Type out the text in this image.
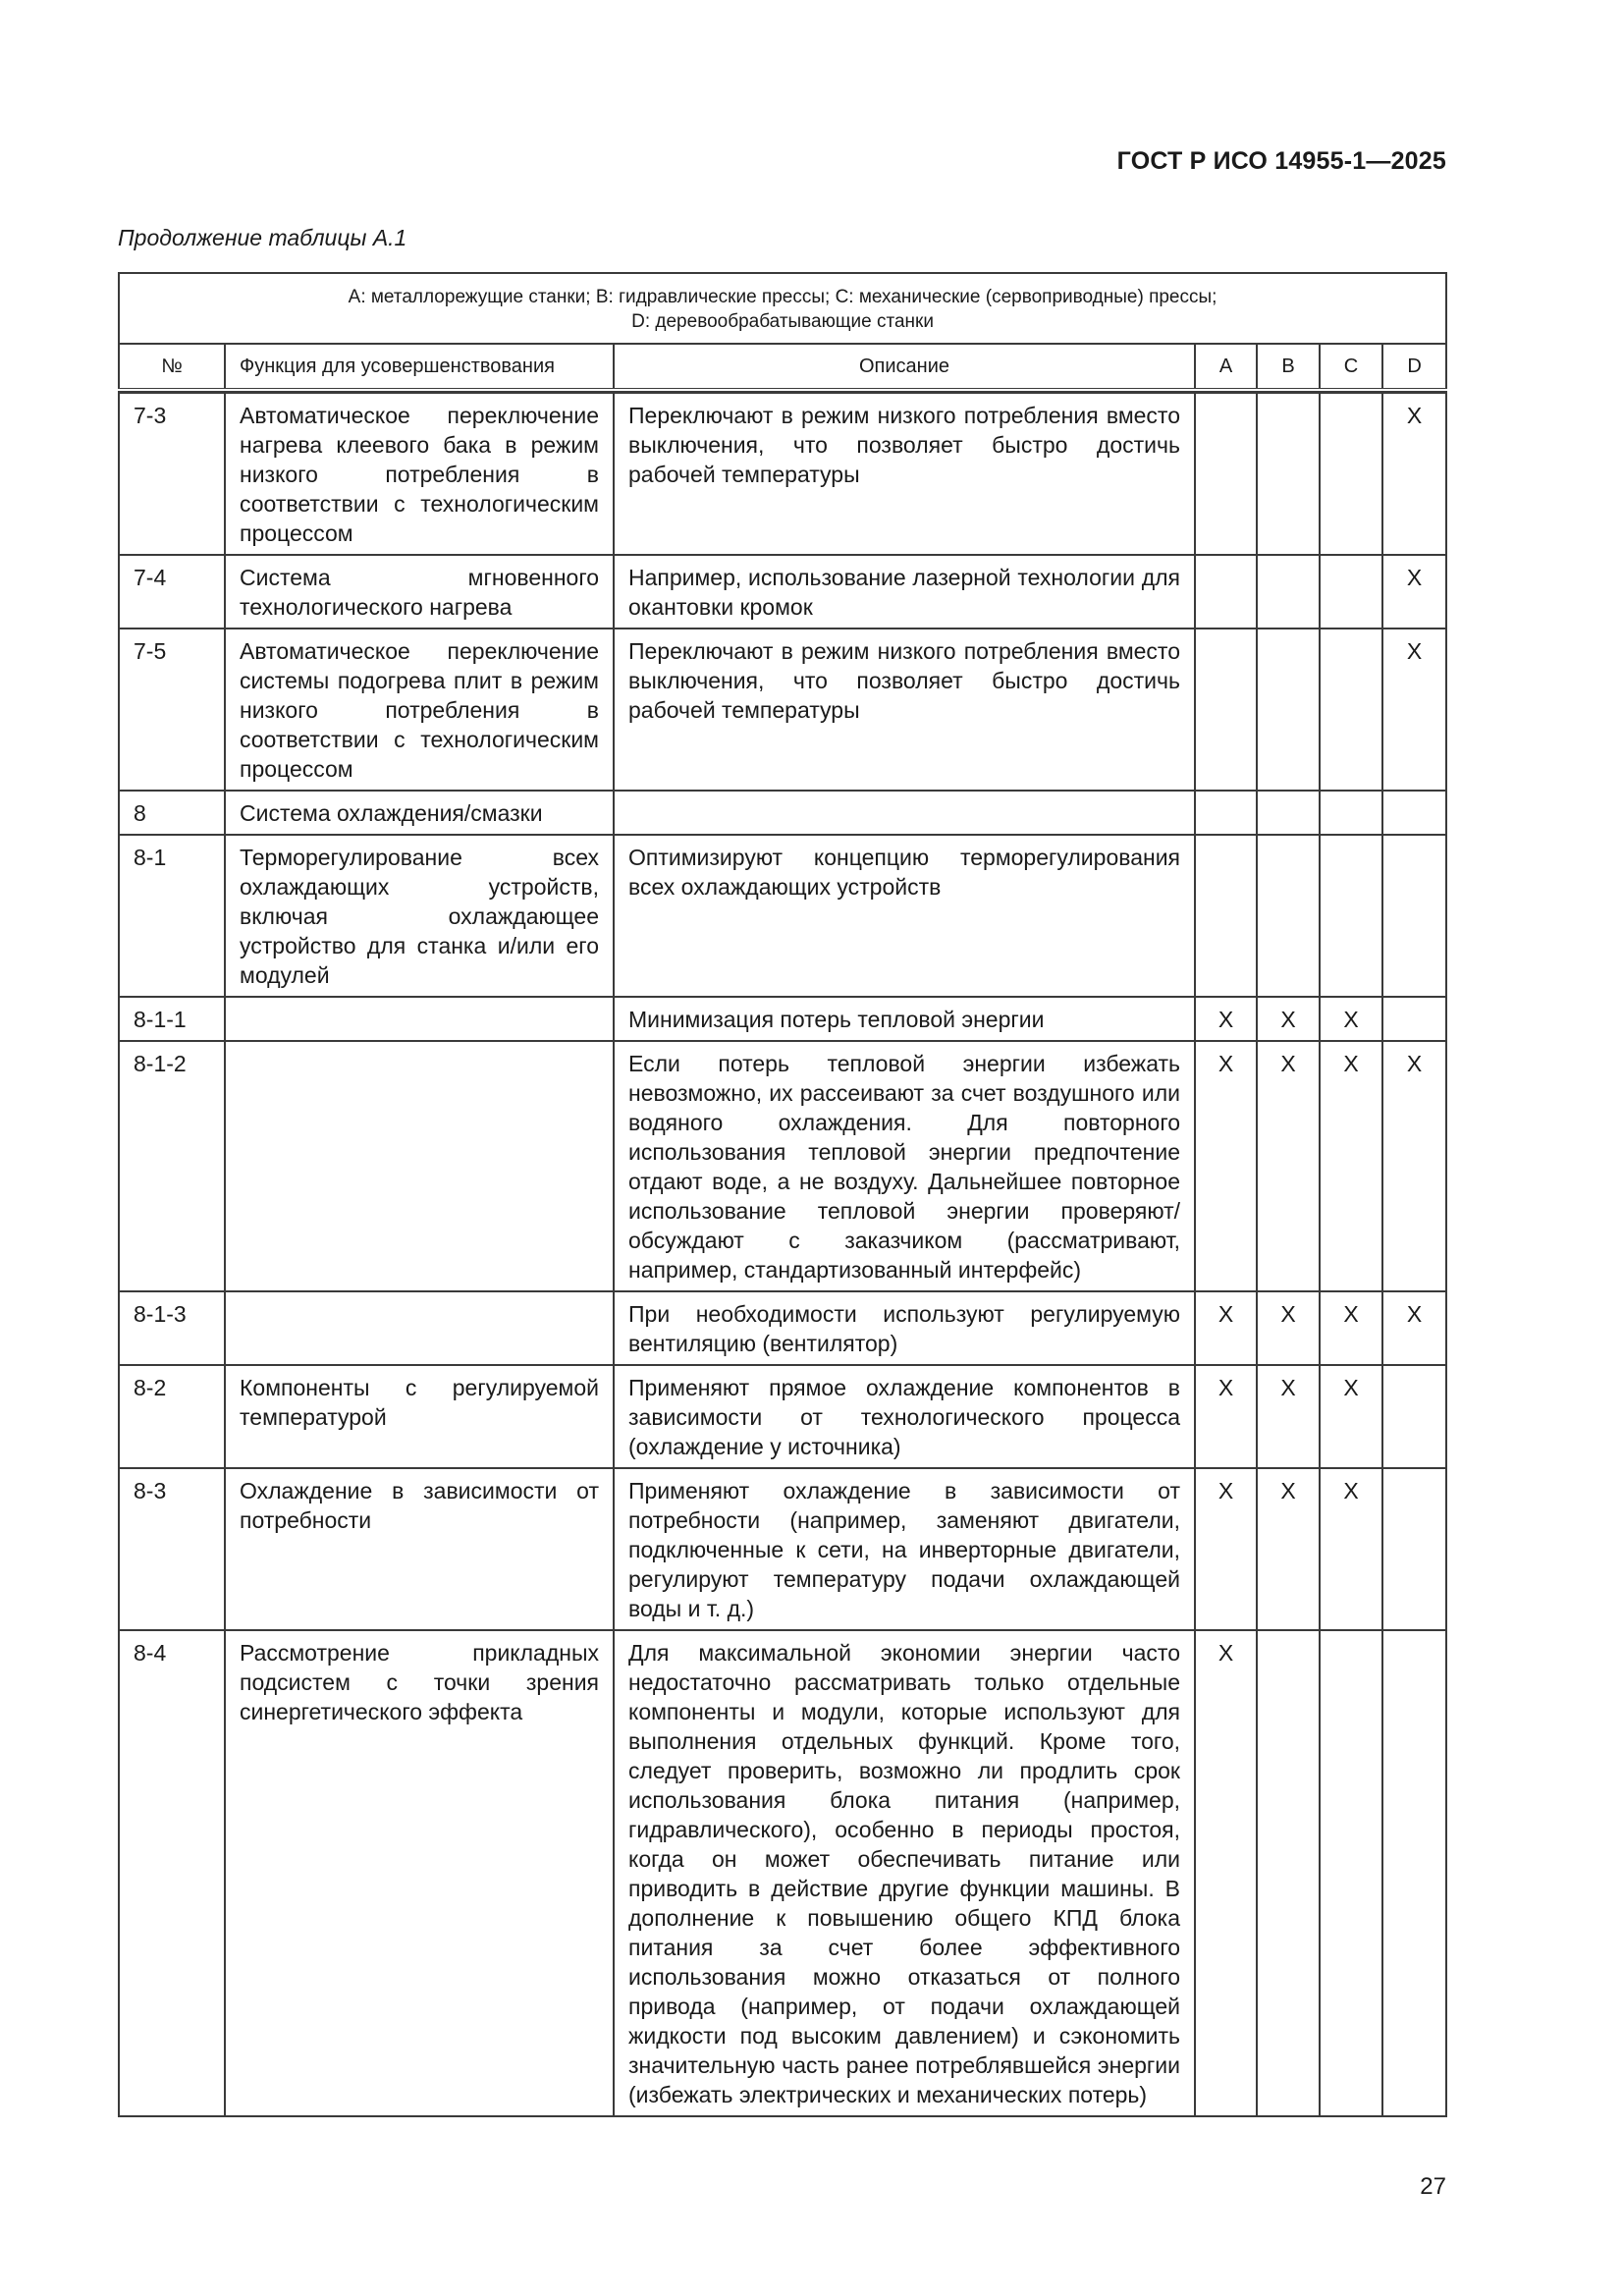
ГОСТ Р ИСО 14955-1—2025
Продолжение таблицы А.1
А: металлорежущие станки; В: гидравлические прессы; С: механические (сервоприводные) прессы;
D: деревообрабатывающие станки						

№	Функция для усовершенствования	Описание	A	B	C	D

7-3	Автоматическое переключение нагрева клеевого бака в режим низкого потребления в соответствии с технологическим процессом	Переключают в режим низкого потребления вместо выключения, что позволяет быстро достичь рабочей температуры				X
7-4	Система мгновенного технологического нагрева	Например, использование лазерной технологии для окантовки кромок				X
7-5	Автоматическое переключение системы подогрева плит в режим низкого потребления в соответствии с технологическим процессом	Переключают в режим низкого потребления вместо выключения, что позволяет быстро достичь рабочей температуры				X
8	Система охлаждения/смазки					
8-1	Терморегулирование всех охлаждающих устройств, включая охлаждающее устройство для станка и/или его модулей	Оптимизируют концепцию терморегулирования всех охлаждающих устройств				
8-1-1		Минимизация потерь тепловой энергии	X	X	X	
8-1-2		Если потерь тепловой энергии избежать невозможно, их рассеивают за счет воздушного или водяного охлаждения. Для повторного использования тепловой энергии предпочтение отдают воде, а не воздуху. Дальнейшее повторное использование тепловой энергии проверяют/обсуждают с заказчиком (рассматривают, например, стандартизованный интерфейс)	X	X	X	X
8-1-3		При необходимости используют регулируемую вентиляцию (вентилятор)	X	X	X	X
8-2	Компоненты с регулируемой температурой	Применяют прямое охлаждение компонентов в зависимости от технологического процесса (охлаждение у источника)	X	X	X	
8-3	Охлаждение в зависимости от потребности	Применяют охлаждение в зависимости от потребности (например, заменяют двигатели, подключенные к сети, на инверторные двигатели, регулируют температуру подачи охлаждающей воды и т. д.)	X	X	X	
8-4	Рассмотрение прикладных подсистем с точки зрения синергетического эффекта	Для максимальной экономии энергии часто недостаточно рассматривать только отдельные компоненты и модули, которые используют для выполнения отдельных функций. Кроме того, следует проверить, возможно ли продлить срок использования блока питания (например, гидравлического), особенно в периоды простоя, когда он может обеспечивать питание или приводить в действие другие функции машины. В дополнение к повышению общего КПД блока питания за счет более эффективного использования можно отказаться от полного привода (например, от подачи охлаждающей жидкости под высоким давлением) и сэкономить значительную часть ранее потреблявшейся энергии (избежать электрических и механических потерь)	X			
27
